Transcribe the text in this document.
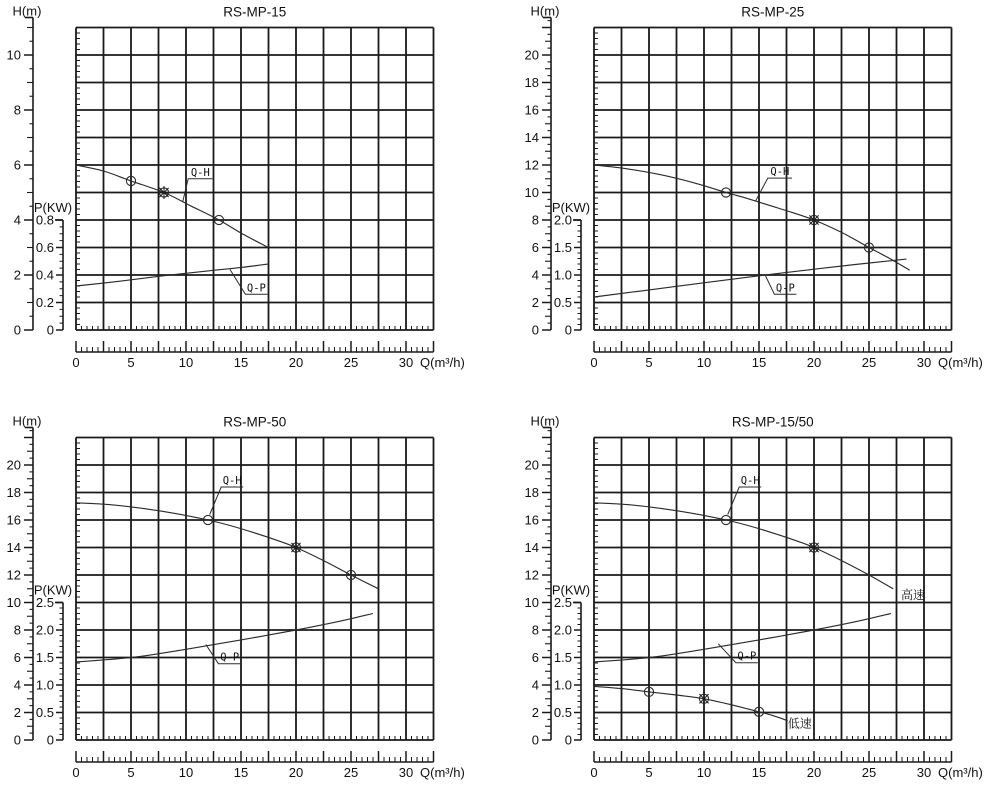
0
2
4
6
8
10
H(m)
0
0.2
0.4
0.6
0.8
P(KW)
0	5	10	15	20	25	30 Q(m³/h)
Q-H
Q-P
RS-MP-15
0
2
4
6
8
10
12
14
16
18
20
H(m)
0
0.5
1.0
1.5
2.0
P(KW)
0	5	10	15	20	25	30 Q(m³/h)
Q-H
Q-P
RS-MP-25
0
2
4
6
8
10
12
14
16
18
20
H(m)
0
0.5
1.0
1.5
2.0
2.5
P(KW)
0	5	10	15	20	25	30 Q(m³/h)
Q-H
Q-P
RS-MP-50
0
2
4
6
8
10
12
14
16
18
20
H(m)
0
0.5
1.0
1.5
2.0
2.5
P(KW)
0	5	10	15	20	25	30 Q(m³/h)
Q-H
Q-P
高速
低速
RS-MP-15/50
